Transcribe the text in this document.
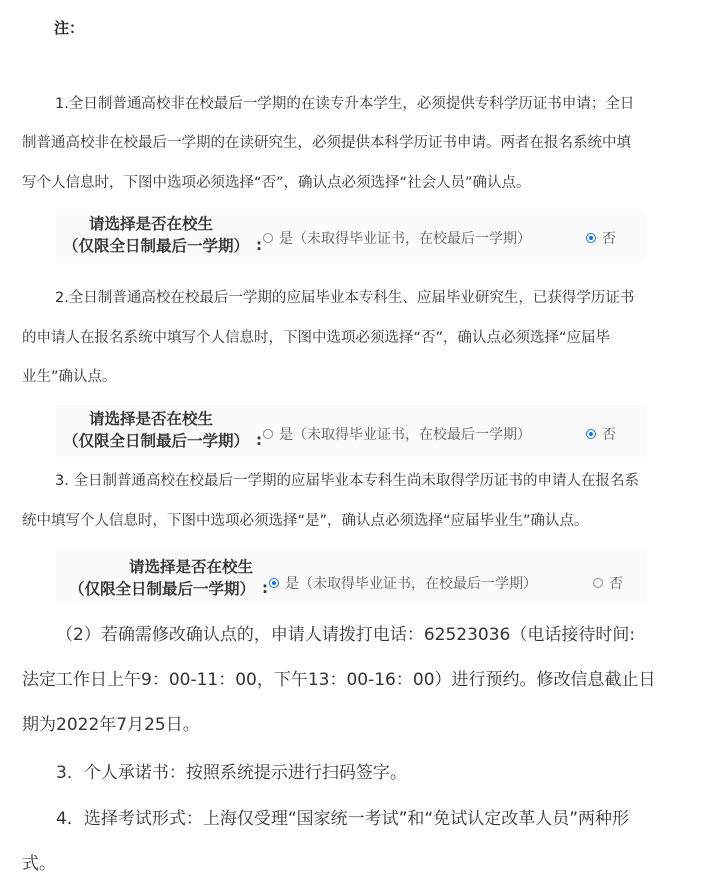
注：
1.全日制普通高校非在校最后一学期的在读专升本学生，必须提供专科学历证书申请；全日
制普通高校非在校最后一学期的在读研究生，必须提供本科学历证书申请。两者在报名系统中填
写个人信息时，下图中选项必须选择“否”，确认点必须选择“社会人员”确认点。
请选择是否在校生
（仅限全日制最后一学期） : 是（未取得毕业证书，在校最后一学期）	否
2.全日制普通高校在校最后一学期的应届毕业本专科生、应届毕业研究生，已获得学历证书
的申请人在报名系统中填写个人信息时，下图中选项必须选择“否”，确认点必须选择“应届毕
业生”确认点。
请选择是否在校生
（仅限全日制最后一学期） : 是（未取得毕业证书，在校最后一学期）	否
3. 全日制普通高校在校最后一学期的应届毕业本专科生尚未取得学历证书的申请人在报名系
统中填写个人信息时，下图中选项必须选择“是”，确认点必须选择“应届毕业生”确认点。
请选择是否在校生
（仅限全日制最后一学期） : 是（未取得毕业证书，在校最后一学期）	否
（2）若确需修改确认点的，申请人请拨打电话：62523036（电话接待时间:
法定工作日上午9：00-11：00，下午13：00-16：00）进行预约。修改信息截止日
期为2022年7月25日。
3．个人承诺书：按照系统提示进行扫码签字。
4．选择考试形式：上海仅受理“国家统一考试”和“免试认定改革人员”两种形
式。
